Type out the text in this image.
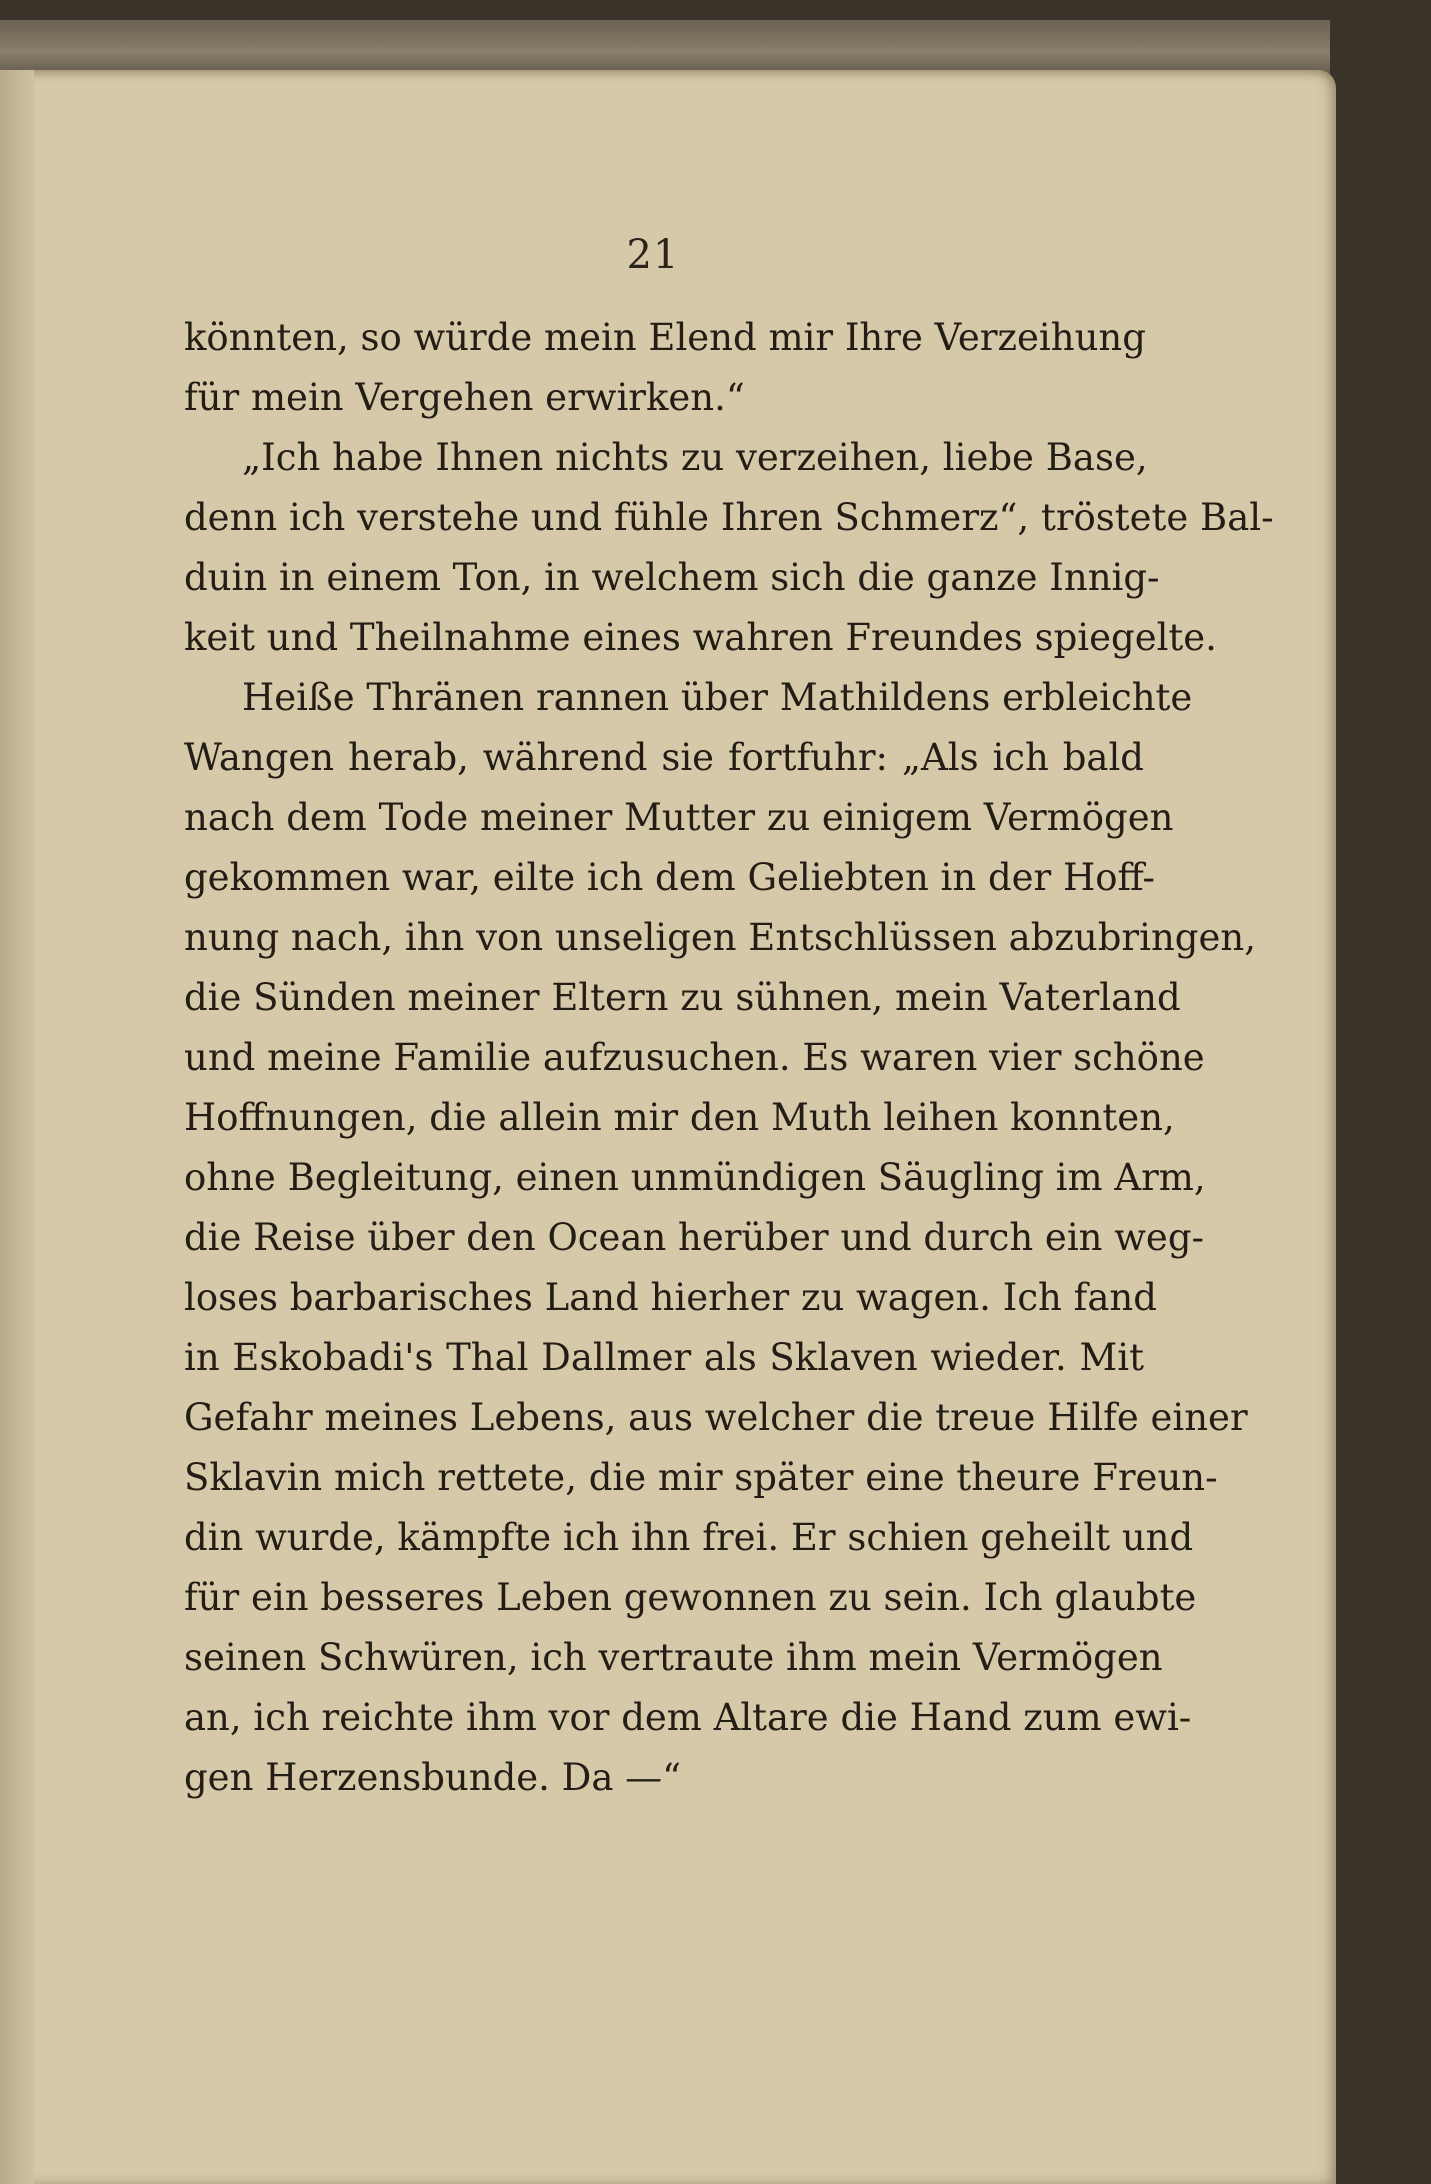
21
könnten, so würde mein Elend mir Ihre Verzeihung
für mein Vergehen erwirken.“
„Ich habe Ihnen nichts zu verzeihen, liebe Base,
denn ich verstehe und fühle Ihren Schmerz“, tröstete Bal-
duin in einem Ton, in welchem sich die ganze Innig-
keit und Theilnahme eines wahren Freundes spiegelte.
Heiße Thränen rannen über Mathildens erbleichte
Wangen herab, während sie fortfuhr: „Als ich bald
nach dem Tode meiner Mutter zu einigem Vermögen
gekommen war, eilte ich dem Geliebten in der Hoff-
nung nach, ihn von unseligen Entschlüssen abzubringen,
die Sünden meiner Eltern zu sühnen, mein Vaterland
und meine Familie aufzusuchen. Es waren vier schöne
Hoffnungen, die allein mir den Muth leihen konnten,
ohne Begleitung, einen unmündigen Säugling im Arm,
die Reise über den Ocean herüber und durch ein weg-
loses barbarisches Land hierher zu wagen. Ich fand
in Eskobadi's Thal Dallmer als Sklaven wieder. Mit
Gefahr meines Lebens, aus welcher die treue Hilfe einer
Sklavin mich rettete, die mir später eine theure Freun-
din wurde, kämpfte ich ihn frei. Er schien geheilt und
für ein besseres Leben gewonnen zu sein. Ich glaubte
seinen Schwüren, ich vertraute ihm mein Vermögen
an, ich reichte ihm vor dem Altare die Hand zum ewi-
gen Herzensbunde. Da —“
